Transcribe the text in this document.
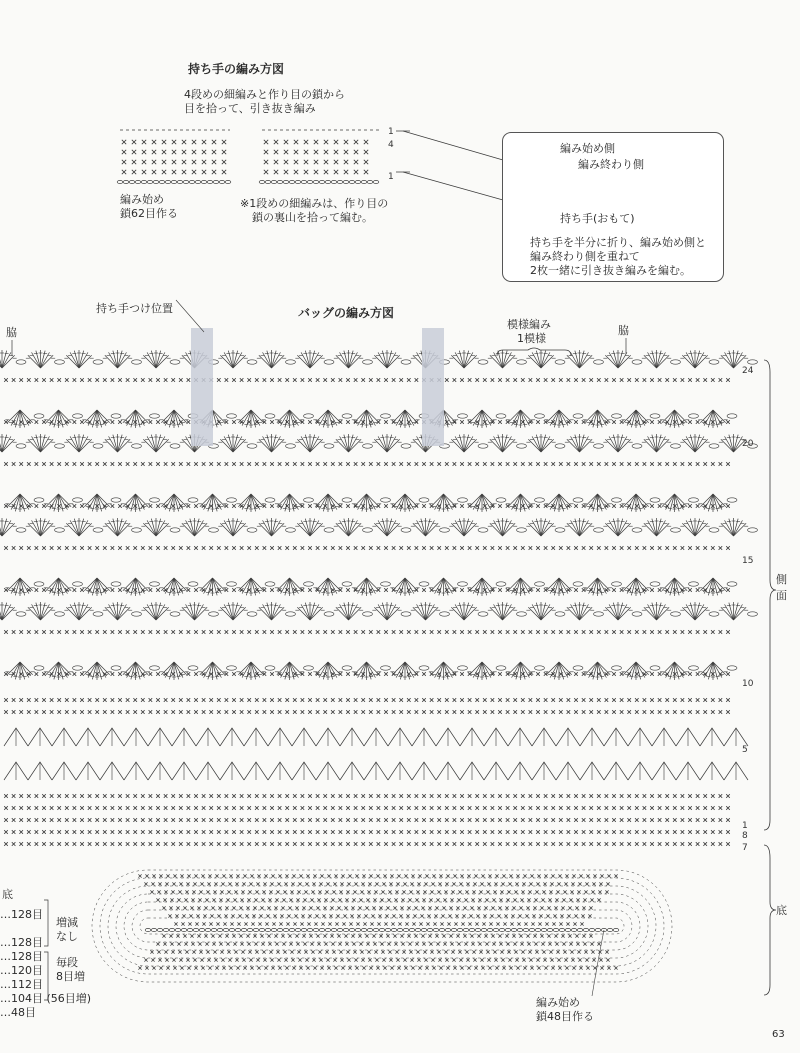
持ち手の編み方図
4段めの細編みと作り目の鎖から
目を拾って、引き抜き編み
1
4
1
編み始め
鎖62目作る
※1段めの細編みは、作り目の
鎖の裏山を拾って編む。
編み始め側
編み終わり側
持ち手(おもて)
持ち手を半分に折り、編み始め側と
編み終わり側を重ねて
2枚一緒に引き抜き編みを編む。
持ち手つけ位置	バッグの編み方図
模様編み
1模様
脇	脇
24
20
15
10
5
1
8
7
側
面
底
編み始め
鎖48目作る
底
…128目
…128目
…128目
…120目
…112目
…104目 (56目増)
…48目
増減
なし
毎段
8目増
63
